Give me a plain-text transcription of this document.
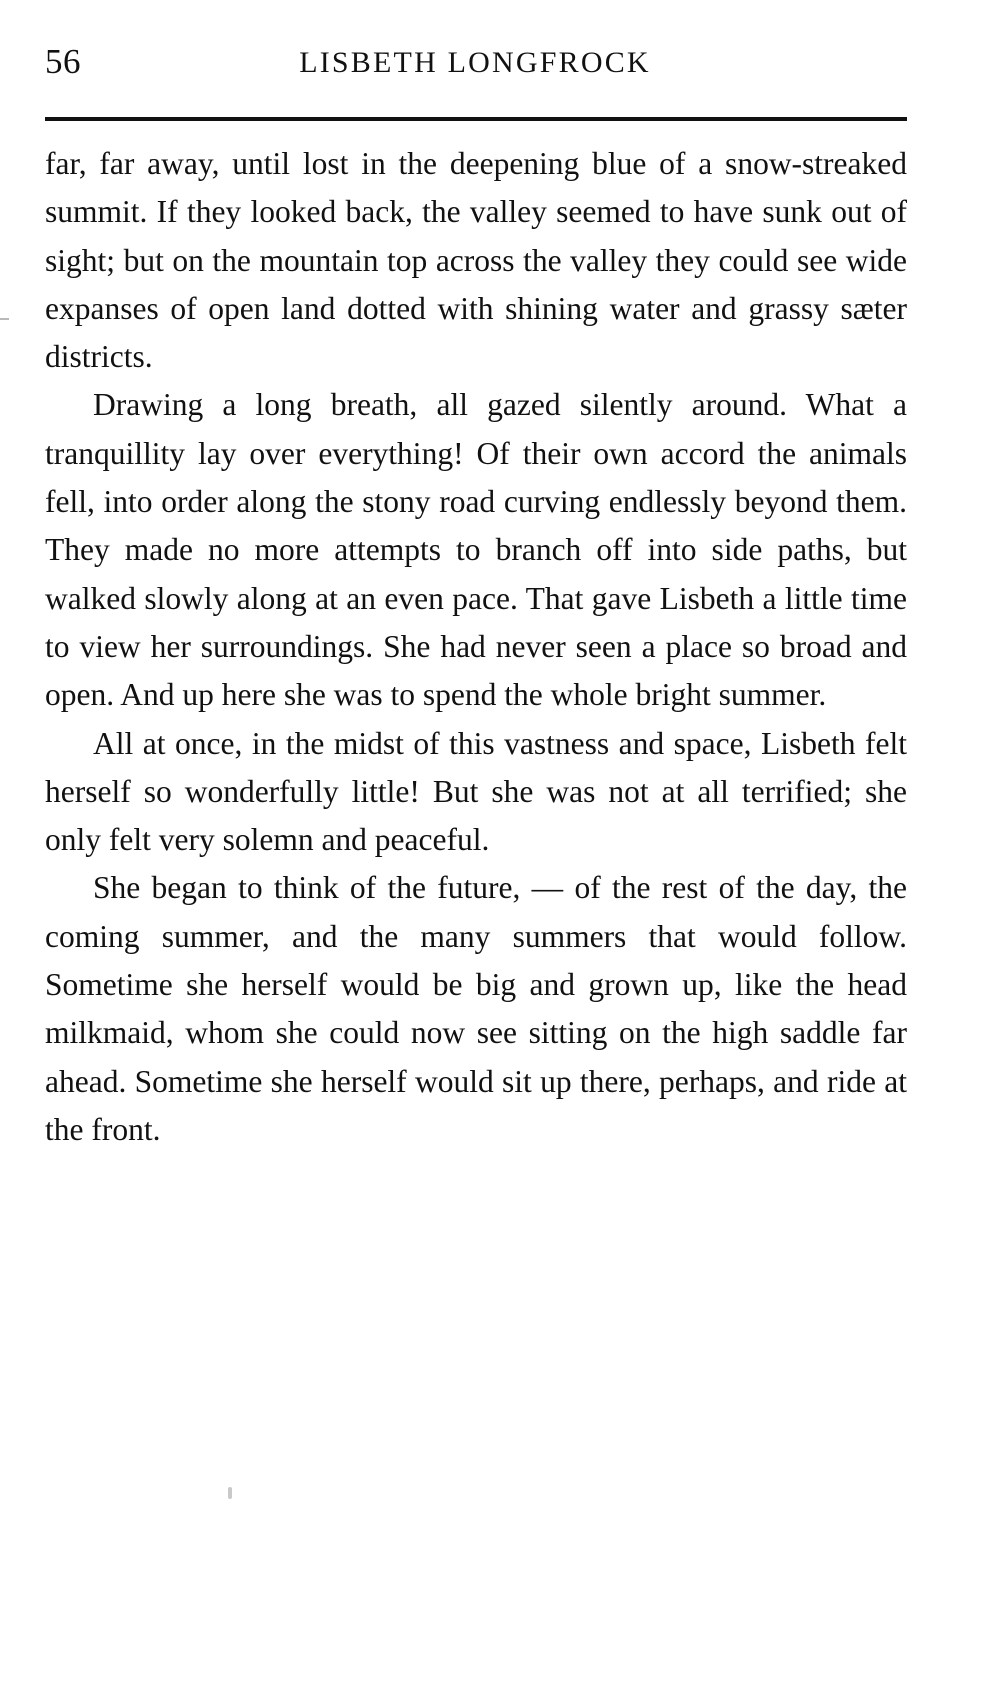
56	LISBETH LONGFROCK

far, far away, until lost in the deepening blue of a snow-streaked summit. If they looked back, the valley seemed to have sunk out of sight; but on the mountain top across the valley they could see wide expanses of open land dotted with shining water and grassy sæter districts.

Drawing a long breath, all gazed silently around. What a tranquillity lay over everything! Of their own accord the animals fell, into order along the stony road curving endlessly beyond them. They made no more attempts to branch off into side paths, but walked slowly along at an even pace. That gave Lisbeth a little time to view her surroundings. She had never seen a place so broad and open. And up here she was to spend the whole bright summer.

All at once, in the midst of this vastness and space, Lisbeth felt herself so wonderfully little! But she was not at all terrified; she only felt very solemn and peaceful.

She began to think of the future, — of the rest of the day, the coming summer, and the many summers that would follow. Sometime she herself would be big and grown up, like the head milkmaid, whom she could now see sitting on the high saddle far ahead. Sometime she herself would sit up there, perhaps, and ride at the front.
